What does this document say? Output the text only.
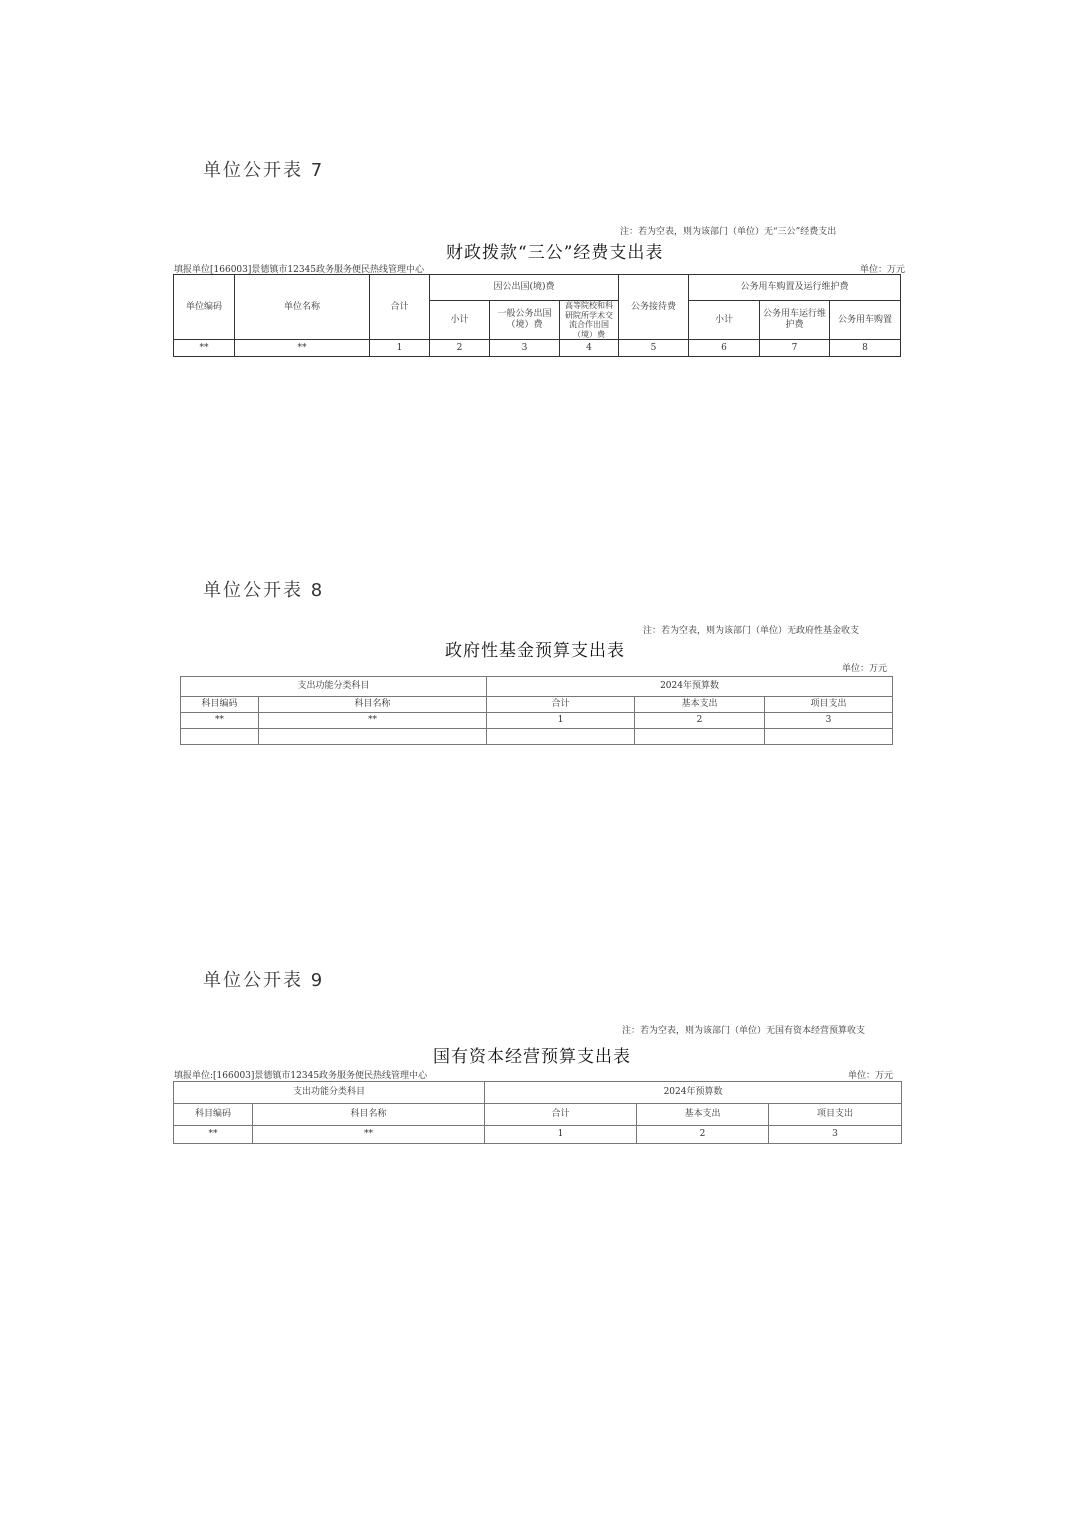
单位公开表 7
注：若为空表，则为该部门（单位）无“三公”经费支出
财政拨款“三公”经费支出表
填报单位[166003]景德镇市12345政务服务便民热线管理中心	单位：万元
单位编码	单位名称	合计	因公出国(境)费			公务接待费	公务用车购置及运行维护费		
			小计	一般公务出国（境）费	高等院校和科研院所学术交流合作出国（境）费		小计	公务用车运行维护费	公务用车购置
**	**	1	2	3	4	5	6	7	8
单位公开表 8
注：若为空表，则为该部门（单位）无政府性基金收支
政府性基金预算支出表
单位：万元
支出功能分类科目		2024年预算数		
科目编码	科目名称	合计	基本支出	项目支出
**	**	1	2	3

单位公开表 9
注：若为空表，则为该部门（单位）无国有资本经营预算收支
国有资本经营预算支出表
填报单位:[166003]景德镇市12345政务服务便民热线管理中心	单位：万元
支出功能分类科目		2024年预算数		
科目编码	科目名称	合计	基本支出	项目支出
**	**	1	2	3
